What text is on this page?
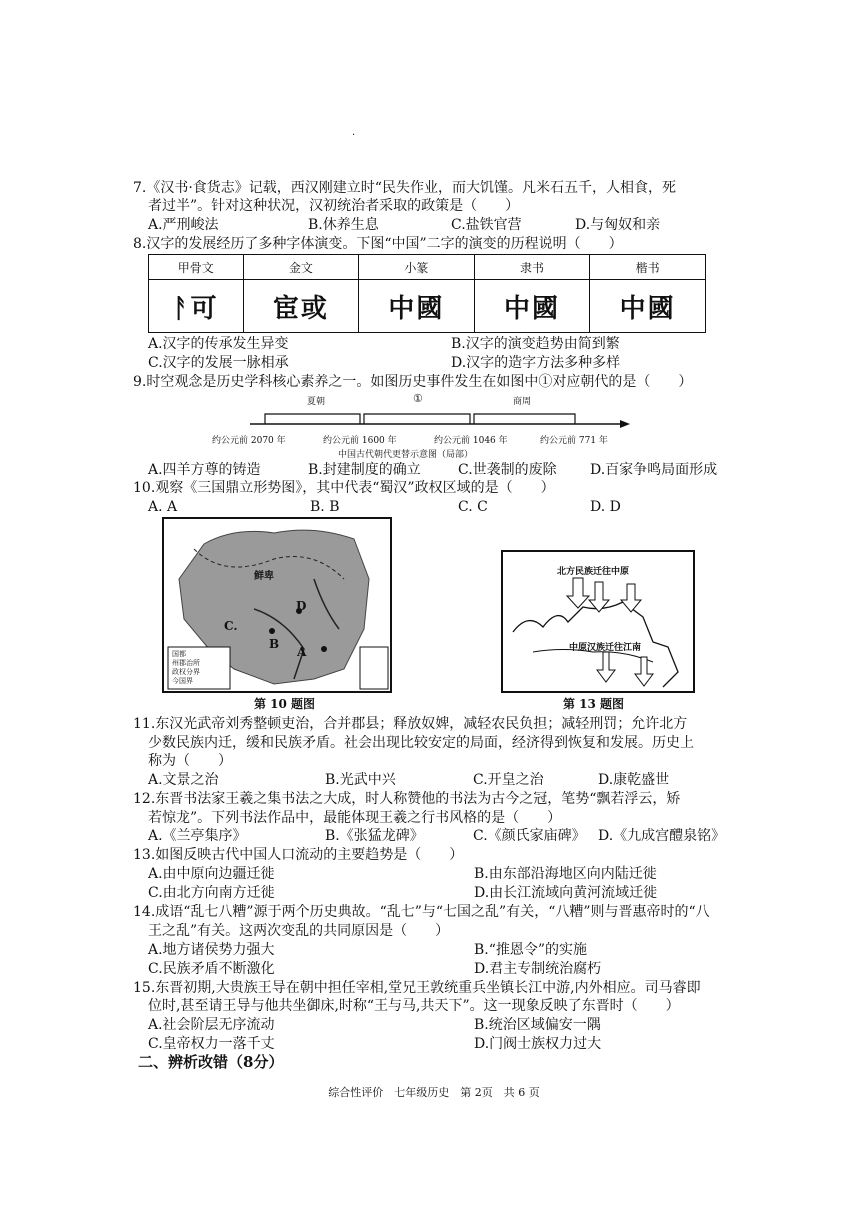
.
7.《汉书·食货志》记载，西汉刚建立时“民失作业，而大饥馑。凡米石五千，人相食，死
者过半”。针对这种状况，汉初统治者采取的政策是（　　）
A.严刑峻法	B.休养生息	C.盐铁官营	D.与匈奴和亲
8.汉字的发展经历了多种字体演变。下图“中国”二字的演变的历程说明（　　）
甲骨文	金文	小篆	隶书	楷书
ᚨ可	宦或	中國	中國	中國
A.汉字的传承发生异变	B.汉字的演变趋势由简到繁
C.汉字的发展一脉相承	D.汉字的造字方法多种多样
9.时空观念是历史学科核心素养之一。如图历史事件发生在如图中①对应朝代的是（　　）
夏朝	①	商周
约公元前 2070 年	约公元前 1600 年	约公元前 1046 年	约公元前 771 年
中国古代朝代更替示意图（局部）
A.四羊方尊的铸造	B.封建制度的确立	C.世袭制的废除 D.百家争鸣局面形成
10.观察《三国鼎立形势图》，其中代表“蜀汉”政权区域的是（　　）
A. A	B. B	C. C	D. D
鲜卑
D
C.
B
A
国都
州郡治所
政权分界
今国界
第 10 题图
北方民族迁往中原
中原汉族迁往江南
第 13 题图
11.东汉光武帝刘秀整顿吏治，合并郡县；释放奴婢，减轻农民负担；减轻刑罚；允许北方
少数民族内迁，缓和民族矛盾。社会出现比较安定的局面，经济得到恢复和发展。历史上
称为（　　）
A.文景之治	B.光武中兴	C.开皇之治	D.康乾盛世
12.东晋书法家王羲之集书法之大成，时人称赞他的书法为古今之冠，笔势“飘若浮云，矫
若惊龙”。下列书法作品中，最能体现王羲之行书风格的是（　　）
A.《兰亭集序》	B.《张猛龙碑》	C.《颜氏家庙碑》 D.《九成宫醴泉铭》
13.如图反映古代中国人口流动的主要趋势是（　　）
A.由中原向边疆迁徙	B.由东部沿海地区向内陆迁徙
C.由北方向南方迁徙	D.由长江流域向黄河流域迁徙
14.成语“乱七八糟”源于两个历史典故。“乱七”与“七国之乱”有关，“八糟”则与晋惠帝时的“八
王之乱”有关。这两次变乱的共同原因是（　　）
A.地方诸侯势力强大	B.“推恩令”的实施
C.民族矛盾不断激化	D.君主专制统治腐朽
15.东晋初期,大贵族王导在朝中担任宰相,堂兄王敦统重兵坐镇长江中游,内外相应。司马睿即
位时,甚至请王导与他共坐御床,时称“王与马,共天下”。这一现象反映了东晋时（　　）
A.社会阶层无序流动	B.统治区域偏安一隅
C.皇帝权力一落千丈	D.门阀士族权力过大
二、辨析改错（8分）
综合性评价　七年级历史　第 2页　共 6 页
